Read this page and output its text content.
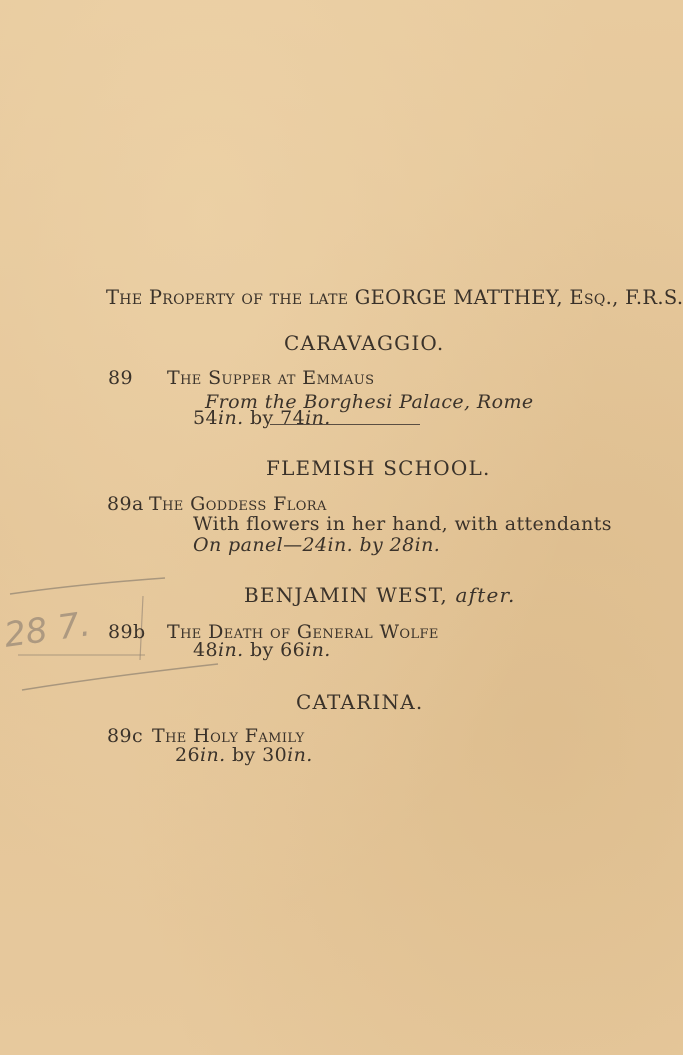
The Property of the late GEORGE MATTHEY, Esq., F.R.S.
CARAVAGGIO.
89 The Supper at Emmaus
From the Borghesi Palace, Rome
54in. by 74in.
FLEMISH SCHOOL.
89a The Goddess Flora
With flowers in her hand, with attendants
On panel—24in. by 28in.
BENJAMIN WEST, after.
89b The Death of General Wolfe
48in. by 66in.
28 7.
CATARINA.
89c The Holy Family
26in. by 30in.
